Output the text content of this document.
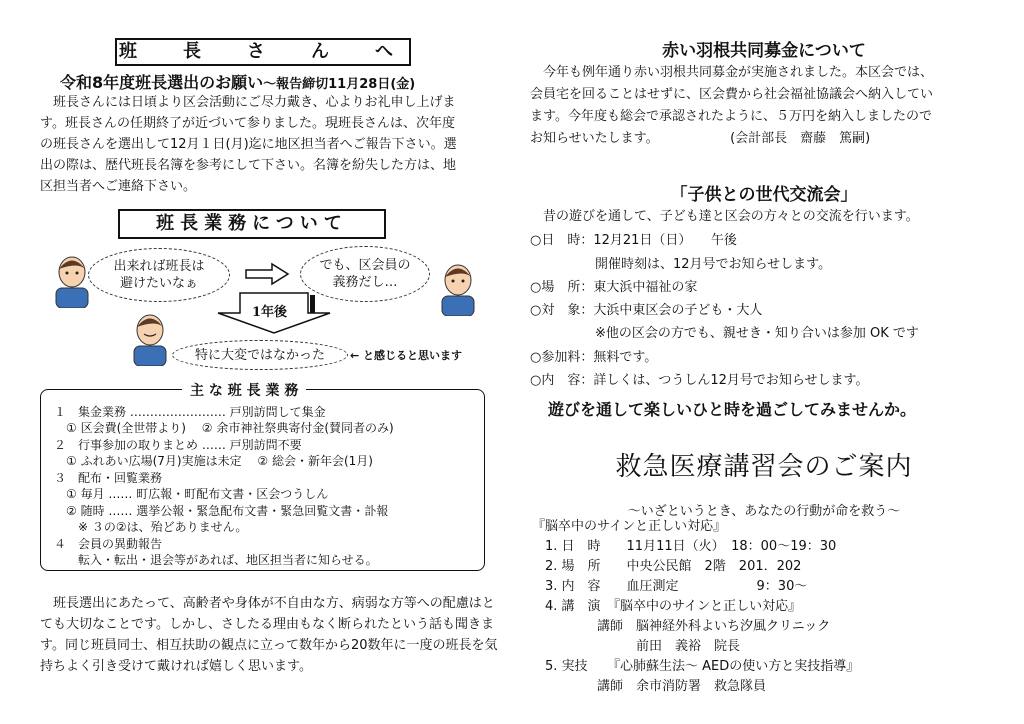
班　長　さ　ん　へ
令和8年度班長選出のお願い～報告締切11月28日(金)
　班長さんには日頃より区会活動にご尽力戴き、心よりお礼申し上げま
す。班長さんの任期終了が近づいて参りました。現班長さんは、次年度
の班長さんを選出して12月１日(月)迄に地区担当者へご報告下さい。選
出の際は、歴代班長名簿を参考にして下さい。名簿を紛失した方は、地
区担当者へご連絡下さい。
班長業務について
出来れば班長は
避けたいなぁ
でも、区会員の
義務だし…
1年後
特に大変ではなかった ← と感じると思います
主 な 班 長 業 務
１　集金業務 …………………… 戸別訪問して集金
　① 区会費(全世帯より)　 ② 余市神社祭典寄付金(賛同者のみ)
２　行事参加の取りまとめ …… 戸別訪問不要
　① ふれあい広場(7月)実施は未定　 ② 総会・新年会(1月)
３　配布・回覧業務
　① 毎月 …… 町広報・町配布文書・区会つうしん
　② 随時 …… 選挙公報・緊急配布文書・緊急回覧文書・訃報
　　※ ３の②は、殆どありません。
４　会員の異動報告
　　転入・転出・退会等があれば、地区担当者に知らせる。
　班長選出にあたって、高齢者や身体が不自由な方、病弱な方等への配慮はと
ても大切なことです。しかし、さしたる理由もなく断られたという話も聞きま
す。同じ班員同士、相互扶助の観点に立って数年から20数年に一度の班長を気
持ちよく引き受けて戴ければ嬉しく思います。
赤い羽根共同募金について
　今年も例年通り赤い羽根共同募金が実施されました。本区会では、
会員宅を回ることはせずに、区会費から社会福祉協議会へ納入してい
ます。今年度も総会で承認されたように、５万円を納入しましたので
お知らせいたします。　　　　　　(会計部長　齋藤　篤嗣)
「子供との世代交流会」
　昔の遊びを通して、子ども達と区会の方々との交流を行います。
○日　時：12月21日（日）　　午後
　　　　　開催時刻は、12月号でお知らせします。
○場　所：東大浜中福祉の家
○対　象：大浜中東区会の子ども・大人
　　　　　※他の区会の方でも、親せき・知り合いは参加 OK です
○参加料：無料です。
○内　容：詳しくは、つうしん12月号でお知らせします。
遊びを通して楽しいひと時を過ごしてみませんか。
救急医療講習会のご案内
～いざというとき、あなたの行動が命を救う～
『脳卒中のサインと正しい対応』
　1. 日　時　　11月11日（火）　18：00～19：30
　2. 場　所　　中央公民館　2階　201．202
　3. 内　容　　血圧測定　　　　　　9：30～
　4. 講　演　『脳卒中のサインと正しい対応』
　　　　　講師　脳神経外科よいち汐風クリニック
　　　　　　　　前田　義裕　院長
　5. 実技　　『心肺蘇生法～ AEDの使い方と実技指導』
　　　　　講師　余市消防署　救急隊員
